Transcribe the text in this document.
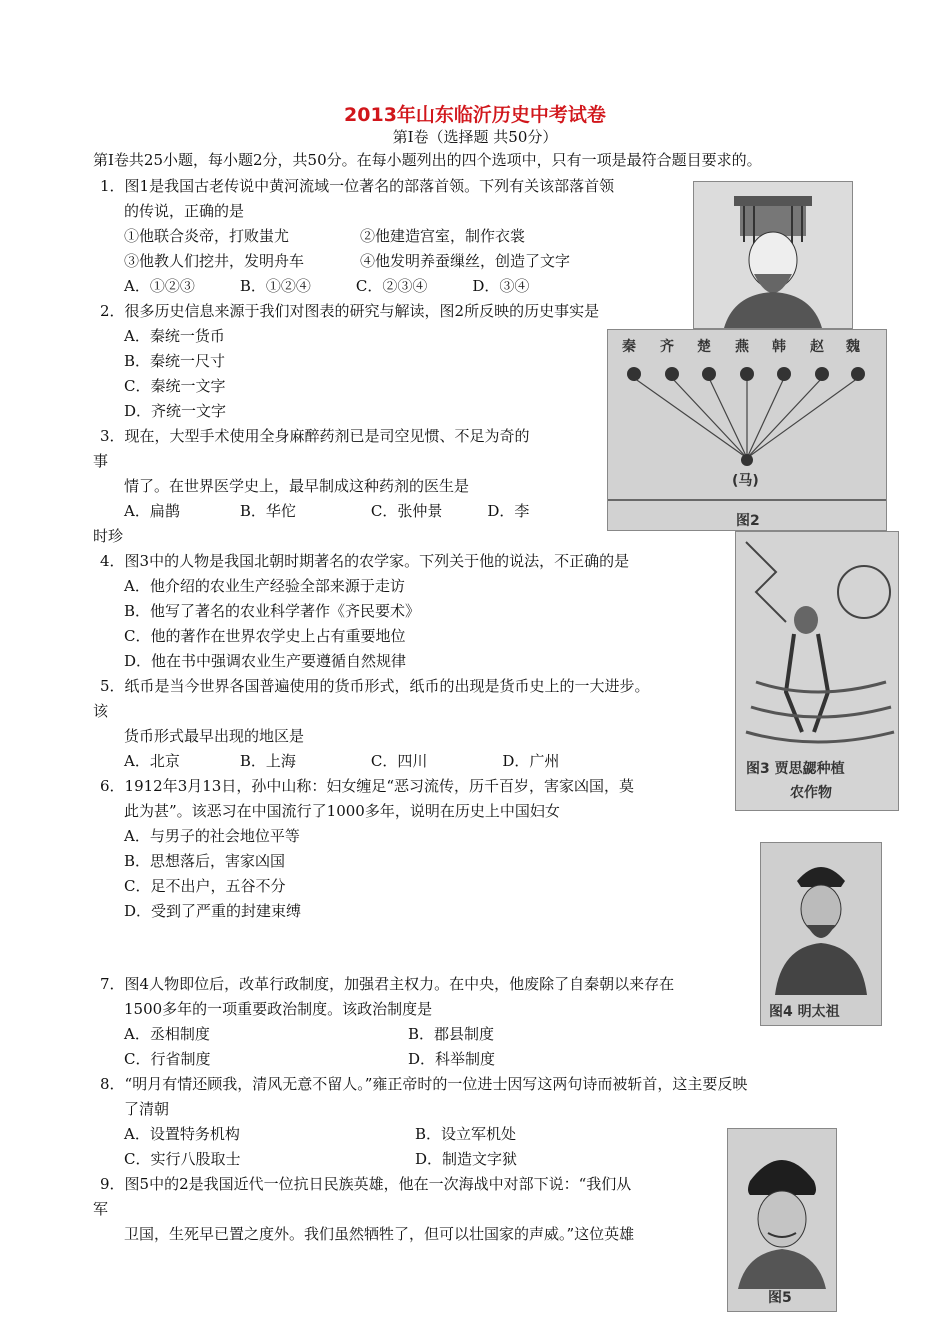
2013年山东临沂历史中考试卷
第Ⅰ卷（选择题 共50分）
第Ⅰ卷共25小题，每小题2分，共50分。在每小题列出的四个选项中，只有一项是最符合题目要求的。
1．图1是我国古老传说中黄河流域一位著名的部落首领。下列有关该部落首领
的传说，正确的是
①他联合炎帝，打败蚩尤	②他建造宫室，制作衣裳
③他教人们挖井，发明舟车	④他发明养蚕缫丝，创造了文字
A．①②③　　　B．①②④　　　C．②③④　　　D．③④
2．很多历史信息来源于我们对图表的研究与解读，图2所反映的历史事实是
A．秦统一货币
B．秦统一尺寸
C．秦统一文字
D．齐统一文字
秦 齐 楚 燕 韩 赵 魏
(马)
图2
3．现在，大型手术使用全身麻醉药剂已是司空见惯、不足为奇的
事
情了。在世界医学史上，最早制成这种药剂的医生是
A．扁鹊　　　　B．华佗　　　　　C．张仲景　　　D．李
时珍
4．图3中的人物是我国北朝时期著名的农学家。下列关于他的说法，不正确的是
A．他介绍的农业生产经验全部来源于走访
B．他写了著名的农业科学著作《齐民要术》
C．他的著作在世界农学史上占有重要地位
D．他在书中强调农业生产要遵循自然规律
图3 贾思勰种植
农作物
5．纸币是当今世界各国普遍使用的货币形式，纸币的出现是货币史上的一大进步。
该
货币形式最早出现的地区是
A．北京　　　　B．上海　　　　　C．四川　　　　　D．广州
6．1912年3月13日，孙中山称：妇女缠足“恶习流传，历千百岁，害家凶国，莫
此为甚”。该恶习在中国流行了1000多年，说明在历史上中国妇女
A．与男子的社会地位平等
B．思想落后，害家凶国
C．足不出户，五谷不分
D．受到了严重的封建束缚
图4 明太祖
7．图4人物即位后，改革行政制度，加强君主权力。在中央，他废除了自秦朝以来存在
1500多年的一项重要政治制度。该政治制度是
A．丞相制度	B．郡县制度
C．行省制度	D．科举制度
8．“明月有情还顾我，清风无意不留人。”雍正帝时的一位进士因写这两句诗而被斩首，这主要反映
了清朝
A．设置特务机构	B．设立军机处
C．实行八股取士	D．制造文字狱
图5
9．图5中的2是我国近代一位抗日民族英雄，他在一次海战中对部下说：“我们从
军
卫国，生死早已置之度外。我们虽然牺牲了，但可以壮国家的声威。”这位英雄
